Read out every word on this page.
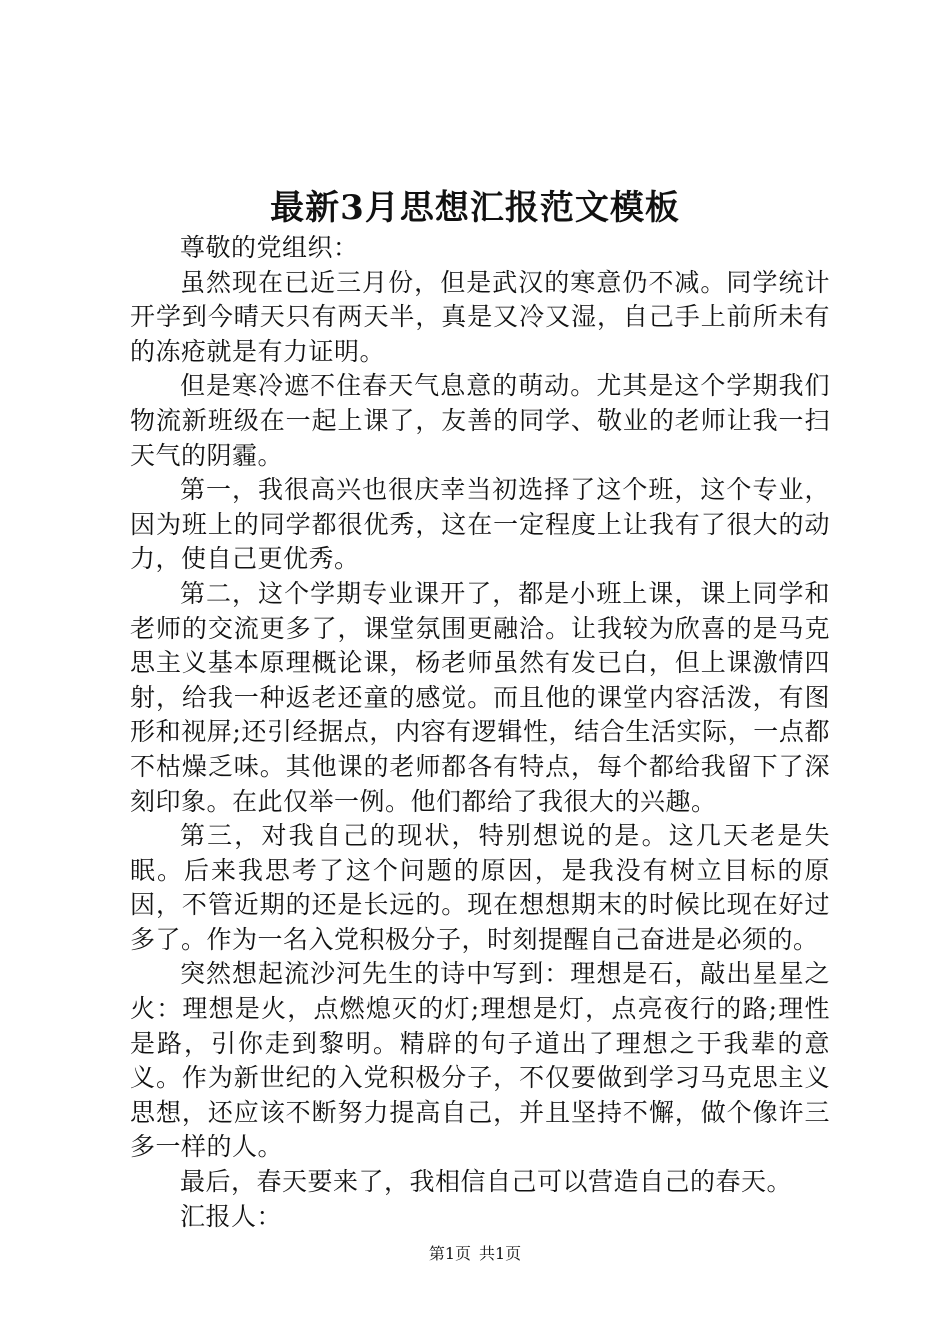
最新3月思想汇报范文模板

尊敬的党组织：

虽然现在已近三月份，但是武汉的寒意仍不减。同学统计开学到今晴天只有两天半，真是又冷又湿，自己手上前所未有的冻疮就是有力证明。

但是寒冷遮不住春天气息意的萌动。尤其是这个学期我们物流新班级在一起上课了，友善的同学、敬业的老师让我一扫天气的阴霾。

第一，我很高兴也很庆幸当初选择了这个班，这个专业，因为班上的同学都很优秀，这在一定程度上让我有了很大的动力，使自己更优秀。

第二，这个学期专业课开了，都是小班上课，课上同学和老师的交流更多了，课堂氛围更融洽。让我较为欣喜的是马克思主义基本原理概论课，杨老师虽然有发已白，但上课激情四射，给我一种返老还童的感觉。而且他的课堂内容活泼，有图形和视屏;还引经据点，内容有逻辑性，结合生活实际，一点都不枯燥乏味。其他课的老师都各有特点，每个都给我留下了深刻印象。在此仅举一例。他们都给了我很大的兴趣。

第三，对我自己的现状，特别想说的是。这几天老是失眠。后来我思考了这个问题的原因，是我没有树立目标的原因，不管近期的还是长远的。现在想想期末的时候比现在好过多了。作为一名入党积极分子，时刻提醒自己奋进是必须的。

突然想起流沙河先生的诗中写到：理想是石，敲出星星之火：理想是火，点燃熄灭的灯;理想是灯，点亮夜行的路;理性是路，引你走到黎明。精辟的句子道出了理想之于我辈的意义。作为新世纪的入党积极分子，不仅要做到学习马克思主义思想，还应该不断努力提高自己，并且坚持不懈，做个像许三多一样的人。

最后，春天要来了，我相信自己可以营造自己的春天。

汇报人：

第1页 共1页
